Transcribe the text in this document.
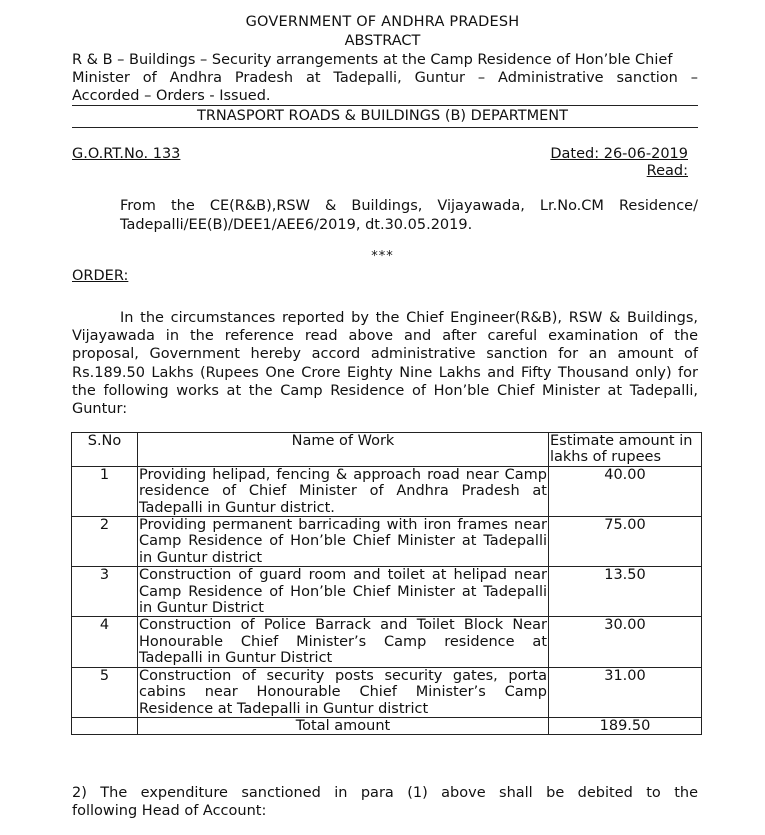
GOVERNMENT OF ANDHRA PRADESH
ABSTRACT
R & B – Buildings – Security arrangements at the Camp Residence of Hon’ble Chief
Minister of Andhra Pradesh at Tadepalli, Guntur – Administrative sanction –
Accorded – Orders - Issued.
TRNASPORT ROADS & BUILDINGS (B) DEPARTMENT
G.O.RT.No. 133	Dated: 26-06-2019
Read:
From the CE(R&B),RSW & Buildings, Vijayawada, Lr.No.CM Residence/
Tadepalli/EE(B)/DEE1/AEE6/2019, dt.30.05.2019.
***
ORDER:
In the circumstances reported by the Chief Engineer(R&B), RSW & Buildings,
Vijayawada in the reference read above and after careful examination of the
proposal, Government hereby accord administrative sanction for an amount of
Rs.189.50 Lakhs (Rupees One Crore Eighty Nine Lakhs and Fifty Thousand only) for
the following works at the Camp Residence of Hon’ble Chief Minister at Tadepalli,
Guntur:
S.No	Name of Work	Estimate amount in
lakhs of rupees

1	Providing helipad, fencing & approach road near Camp
residence of Chief Minister of Andhra Pradesh at
Tadepalli in Guntur district.	40.00

2	Providing permanent barricading with iron frames near
Camp Residence of Hon’ble Chief Minister at Tadepalli
in Guntur district	75.00

3	Construction of guard room and toilet at helipad near
Camp Residence of Hon’ble Chief Minister at Tadepalli
in Guntur District	13.50

4	Construction of Police Barrack and Toilet Block Near
Honourable Chief Minister’s Camp residence at
Tadepalli in Guntur District	30.00

5	Construction of security posts security gates, porta
cabins near Honourable Chief Minister’s Camp
Residence at Tadepalli in Guntur district	31.00

	Total amount	189.50
2) The expenditure sanctioned in para (1) above shall be debited to the
following Head of Account:
